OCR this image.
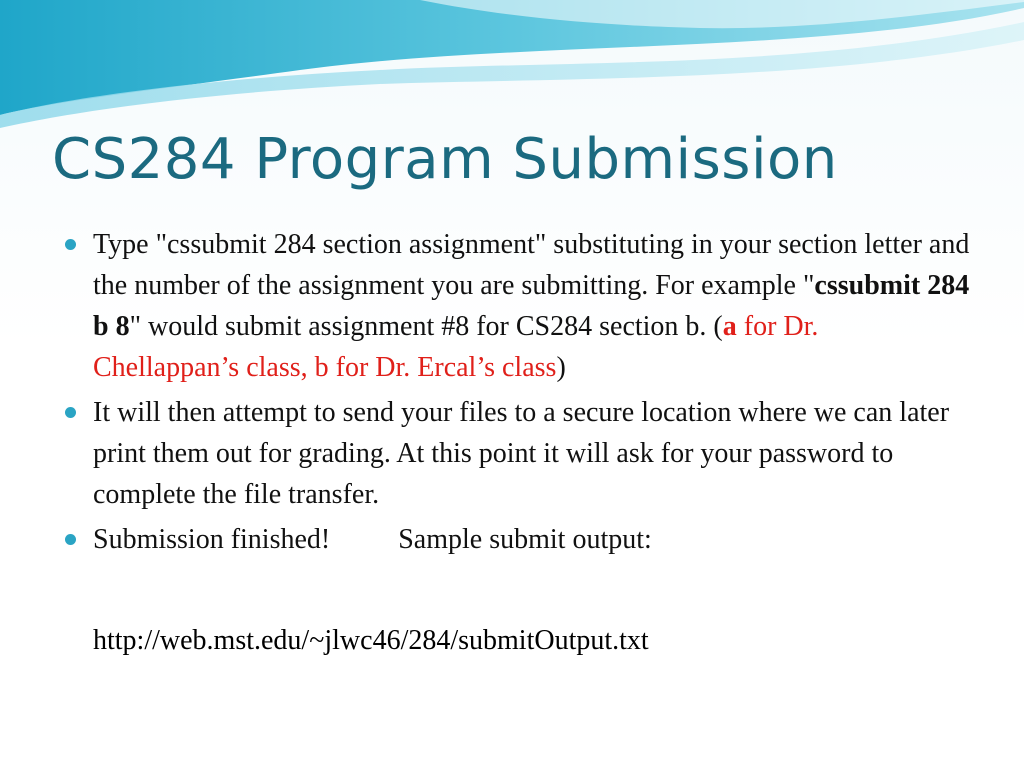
CS284 Program Submission
Type "cssubmit 284 section assignment" substituting in your section letter and the number of the assignment you are submitting. For example "cssubmit 284 b 8" would submit assignment #8 for CS284 section b. (a for Dr. Chellappan’s class, b for Dr. Ercal’s class)
It will then attempt to send your files to a secure location where we can later print them out for grading. At this point it will ask for your password to complete the file transfer.
Submission finished! Sample submit output:
http://web.mst.edu/~jlwc46/284/submitOutput.txt
